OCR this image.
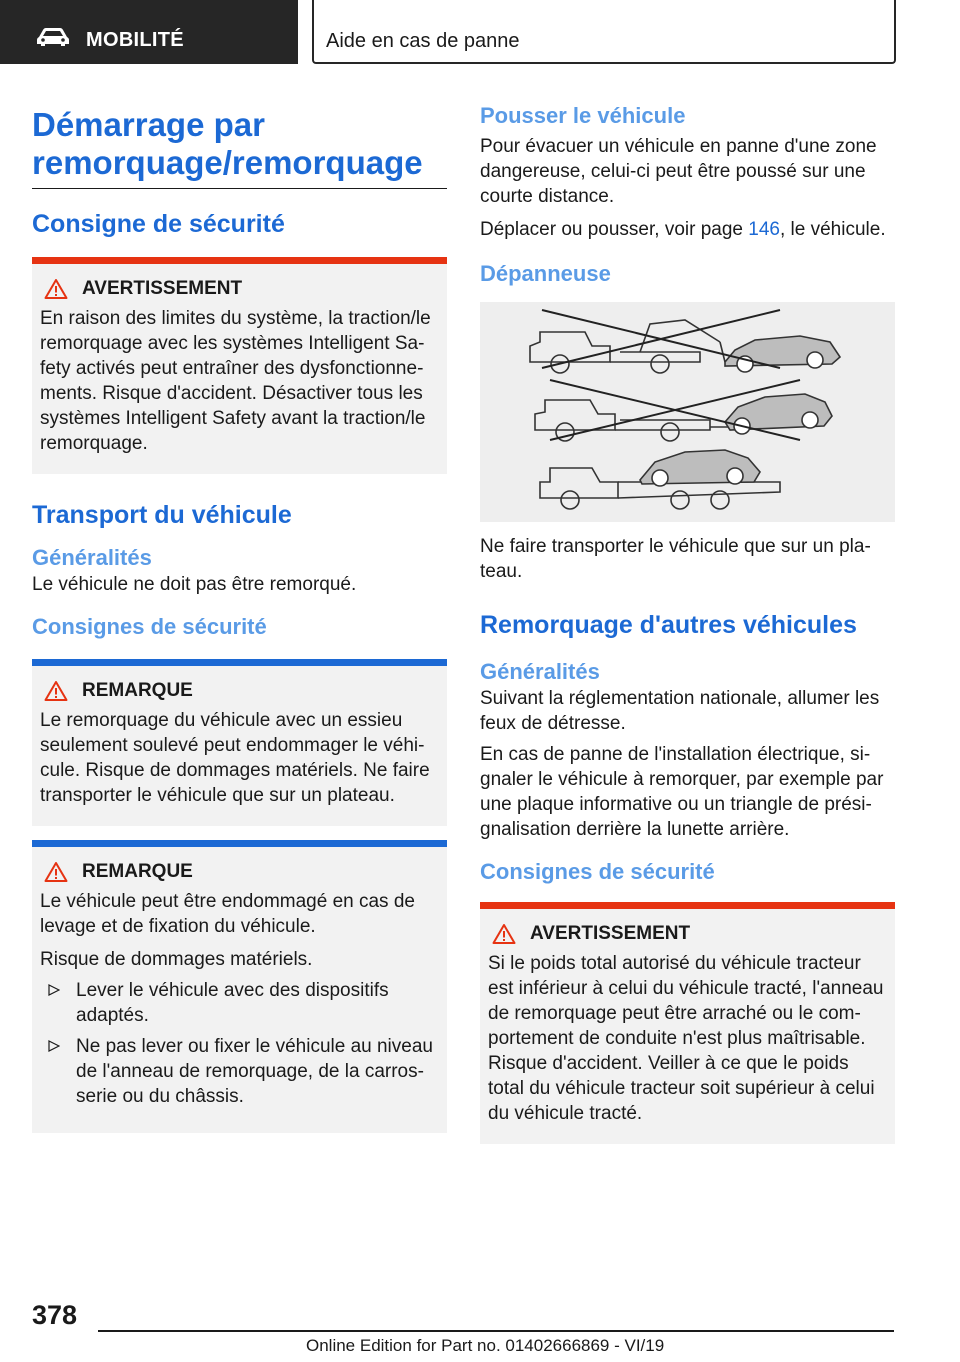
MOBILITÉ	Aide en cas de panne
Démarrage par remorquage/remorquage
Consigne de sécurité
AVERTISSEMENT

En raison des limites du système, la traction/le remorquage avec les systèmes Intelligent Safety activés peut entraîner des dysfonctionnements. Risque d'accident. Désactiver tous les systèmes Intelligent Safety avant la traction/le remorquage.

Transport du véhicule
Généralités

Le véhicule ne doit pas être remorqué.

Consignes de sécurité
REMARQUE

Le remorquage du véhicule avec un essieu seulement soulevé peut endommager le véhicule. Risque de dommages matériels. Ne faire transporter le véhicule que sur un plateau.

REMARQUE

Le véhicule peut être endommagé en cas de levage et de fixation du véhicule.

Risque de dommages matériels.

Lever le véhicule avec des dispositifs adaptés.
Ne pas lever ou fixer le véhicule au niveau de l'anneau de remorquage, de la carrosserie ou du châssis.
Pousser le véhicule

Pour évacuer un véhicule en panne d'une zone dangereuse, celui-ci peut être poussé sur une courte distance.

Déplacer ou pousser, voir page 146, le véhicule.

Dépanneuse

Ne faire transporter le véhicule que sur un plateau.

Remorquage d'autres véhicules
Généralités

Suivant la réglementation nationale, allumer les feux de détresse.

En cas de panne de l'installation électrique, signaler le véhicule à remorquer, par exemple par une plaque informative ou un triangle de présignalisation derrière la lunette arrière.

Consignes de sécurité
AVERTISSEMENT

Si le poids total autorisé du véhicule tracteur est inférieur à celui du véhicule tracté, l'anneau de remorquage peut être arraché ou le comportement de conduite n'est plus maîtrisable. Risque d'accident. Veiller à ce que le poids total du véhicule tracteur soit supérieur à celui du véhicule tracté.

378
Online Edition for Part no. 01402666869 - VI/19
